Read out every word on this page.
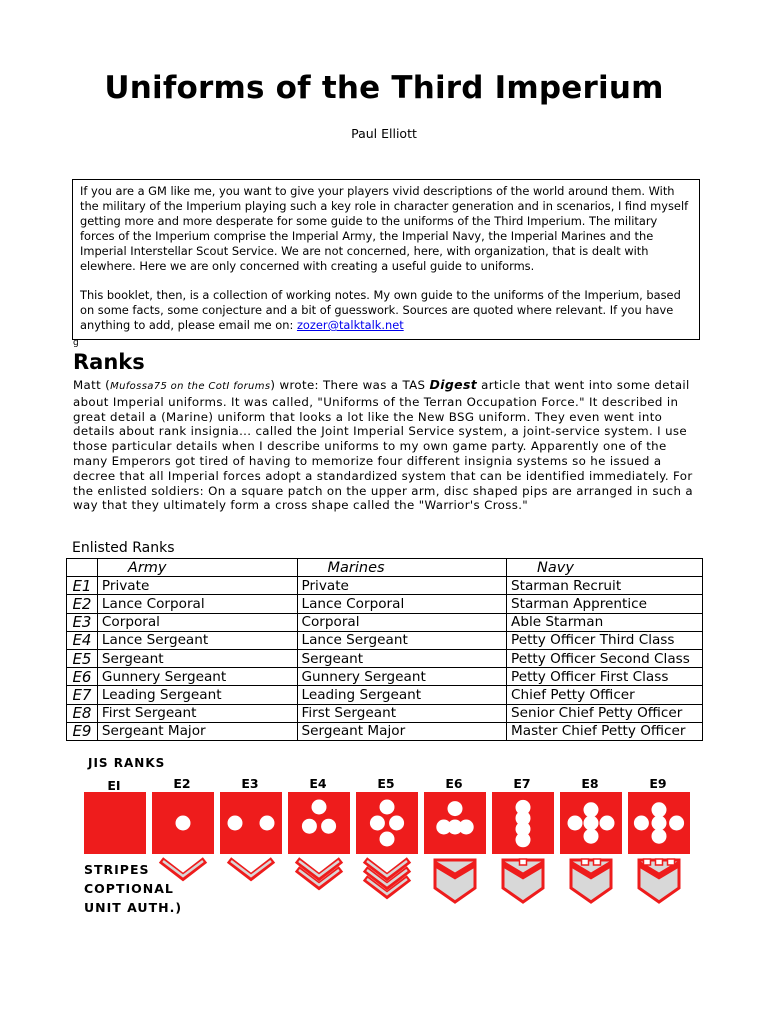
Uniforms of the Third Imperium
Paul Elliott

If you are a GM like me, you want to give your players vivid descriptions of the world around them. With the military of the Imperium playing such a key role in character generation and in scenarios, I find myself getting more and more desperate for some guide to the uniforms of the Third Imperium. The military forces of the Imperium comprise the Imperial Army, the Imperial Navy, the Imperial Marines and the Imperial Interstellar Scout Service. We are not concerned, here, with organization, that is dealt with elewhere. Here we are only concerned with creating a useful guide to uniforms.

This booklet, then, is a collection of working notes. My own guide to the uniforms of the Imperium, based on some facts, some conjecture and a bit of guesswork. Sources are quoted where relevant. If you have anything to add, please email me on: zozer@talktalk.net

g
Ranks
Matt (Mufossa75 on the CotI forums) wrote: There was a TAS Digest article that went into some detail about Imperial uniforms. It was called, "Uniforms of the Terran Occupation Force." It described in great detail a (Marine) uniform that looks a lot like the New BSG uniform. They even went into details about rank insignia... called the Joint Imperial Service system, a joint-service system. I use those particular details when I describe uniforms to my own game party. Apparently one of the many Emperors got tired of having to memorize four different insignia systems so he issued a decree that all Imperial forces adopt a standardized system that can be identified immediately. For the enlisted soldiers: On a square patch on the upper arm, disc shaped pips are arranged in such a way that they ultimately form a cross shape called the "Warrior's Cross."
Enlisted Ranks
	Army	Marines	Navy
E1	Private	Private	Starman Recruit
E2	Lance Corporal	Lance Corporal	Starman Apprentice
E3	Corporal	Corporal	Able Starman
E4	Lance Sergeant	Lance Sergeant	Petty Officer Third Class
E5	Sergeant	Sergeant	Petty Officer Second Class
E6	Gunnery Sergeant	Gunnery Sergeant	Petty Officer First Class
E7	Leading Sergeant	Leading Sergeant	Chief Petty Officer
E8	First Sergeant	First Sergeant	Senior Chief Petty Officer
E9	Sergeant Major	Sergeant Major	Master Chief Petty Officer
JIS RANKS
STRIPES
COPTIONAL
UNIT AUTH.)
EI	E2	E3	E4	E5	E6	E7	E8	E9
